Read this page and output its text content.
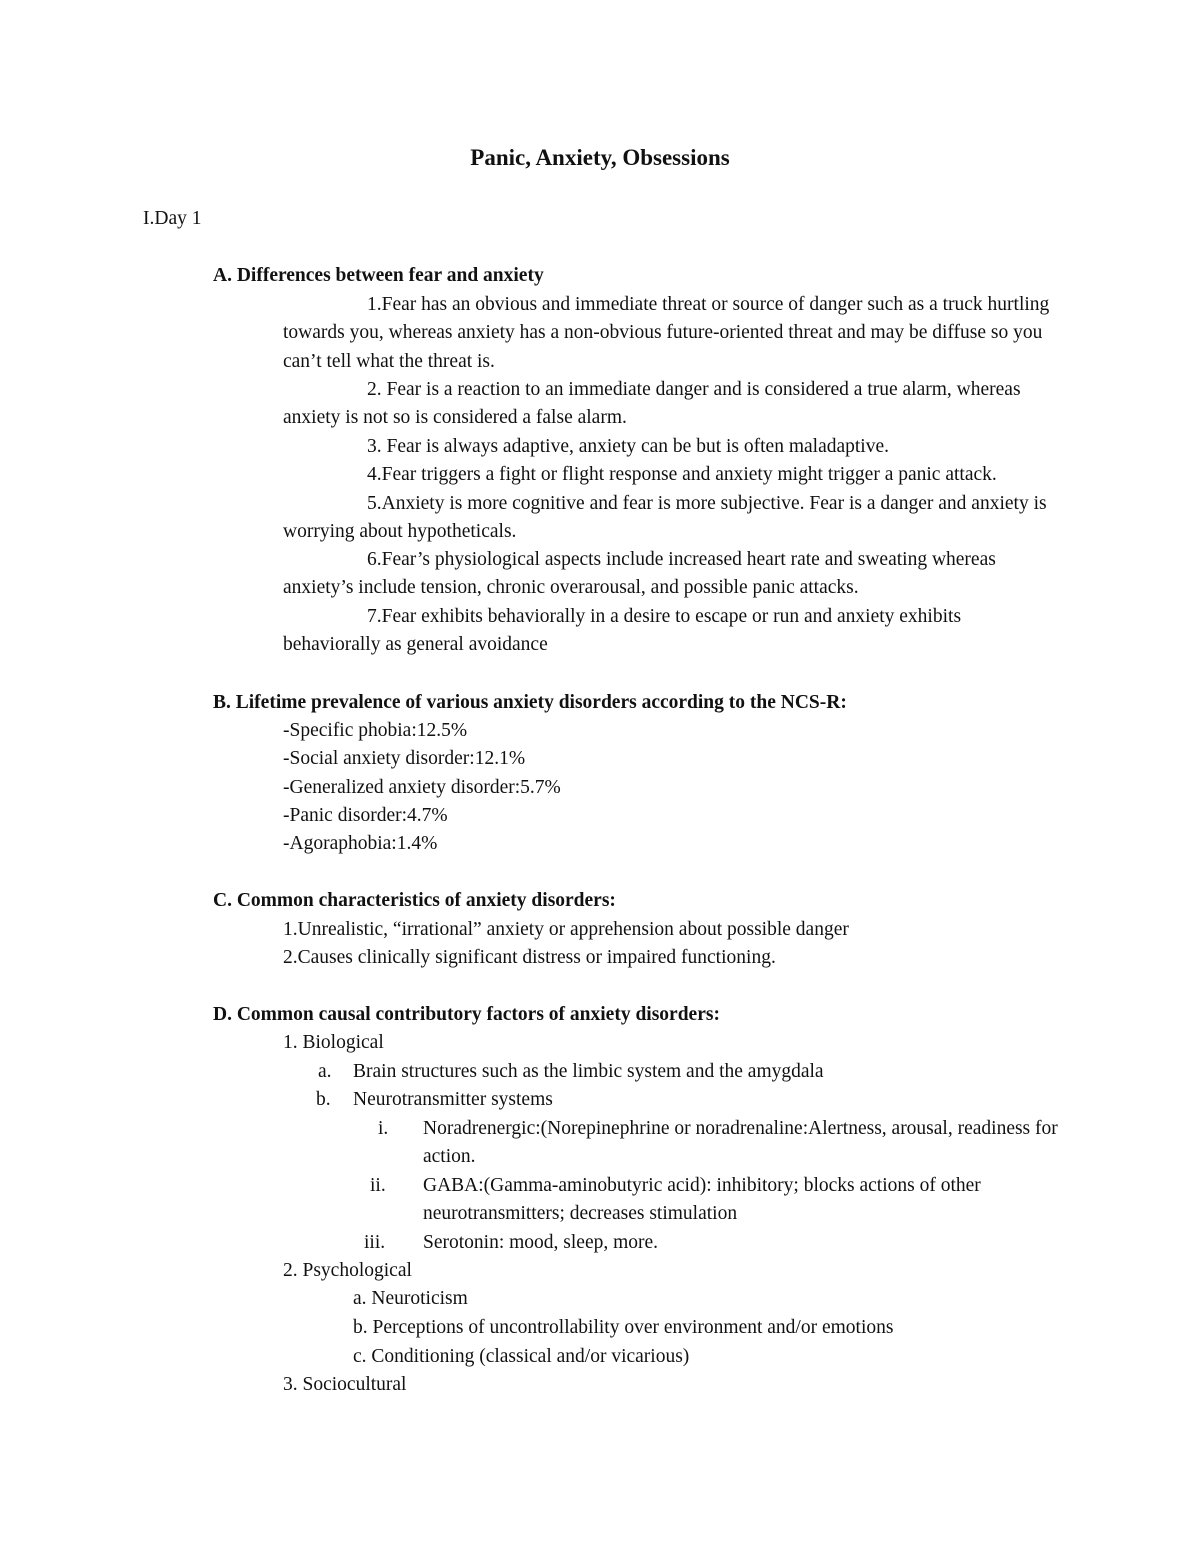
Panic, Anxiety, Obsessions
I.Day 1
A. Differences between fear and anxiety
1.Fear has an obvious and immediate threat or source of danger such as a truck hurtling towards you, whereas anxiety has a non-obvious future-oriented threat and may be diffuse so you can’t tell what the threat is.
2. Fear is a reaction to an immediate danger and is considered a true alarm, whereas anxiety is not so is considered a false alarm.
3. Fear is always adaptive, anxiety can be but is often maladaptive.
4.Fear triggers a fight or flight response and anxiety might trigger a panic attack.
5.Anxiety is more cognitive and fear is more subjective. Fear is a danger and anxiety is worrying about hypotheticals.
6.Fear’s physiological aspects include increased heart rate and sweating whereas anxiety’s include tension, chronic overarousal, and possible panic attacks.
7.Fear exhibits behaviorally in a desire to escape or run and anxiety exhibits behaviorally as general avoidance
B. Lifetime prevalence of various anxiety disorders according to the NCS-R:
-Specific phobia:12.5%
-Social anxiety disorder:12.1%
-Generalized anxiety disorder:5.7%
-Panic disorder:4.7%
-Agoraphobia:1.4%
C. Common characteristics of anxiety disorders:
1.Unrealistic, “irrational” anxiety or apprehension about possible danger
2.Causes clinically significant distress or impaired functioning.
D. Common causal contributory factors of anxiety disorders:
1. Biological
a. Brain structures such as the limbic system and the amygdala
b. Neurotransmitter systems
i. Noradrenergic:(Norepinephrine or noradrenaline:Alertness, arousal, readiness for action.
ii. GABA:(Gamma-aminobutyric acid): inhibitory; blocks actions of other neurotransmitters; decreases stimulation
iii. Serotonin: mood, sleep, more.
2. Psychological
a. Neuroticism
b. Perceptions of uncontrollability over environment and/or emotions
c. Conditioning (classical and/or vicarious)
3. Sociocultural
